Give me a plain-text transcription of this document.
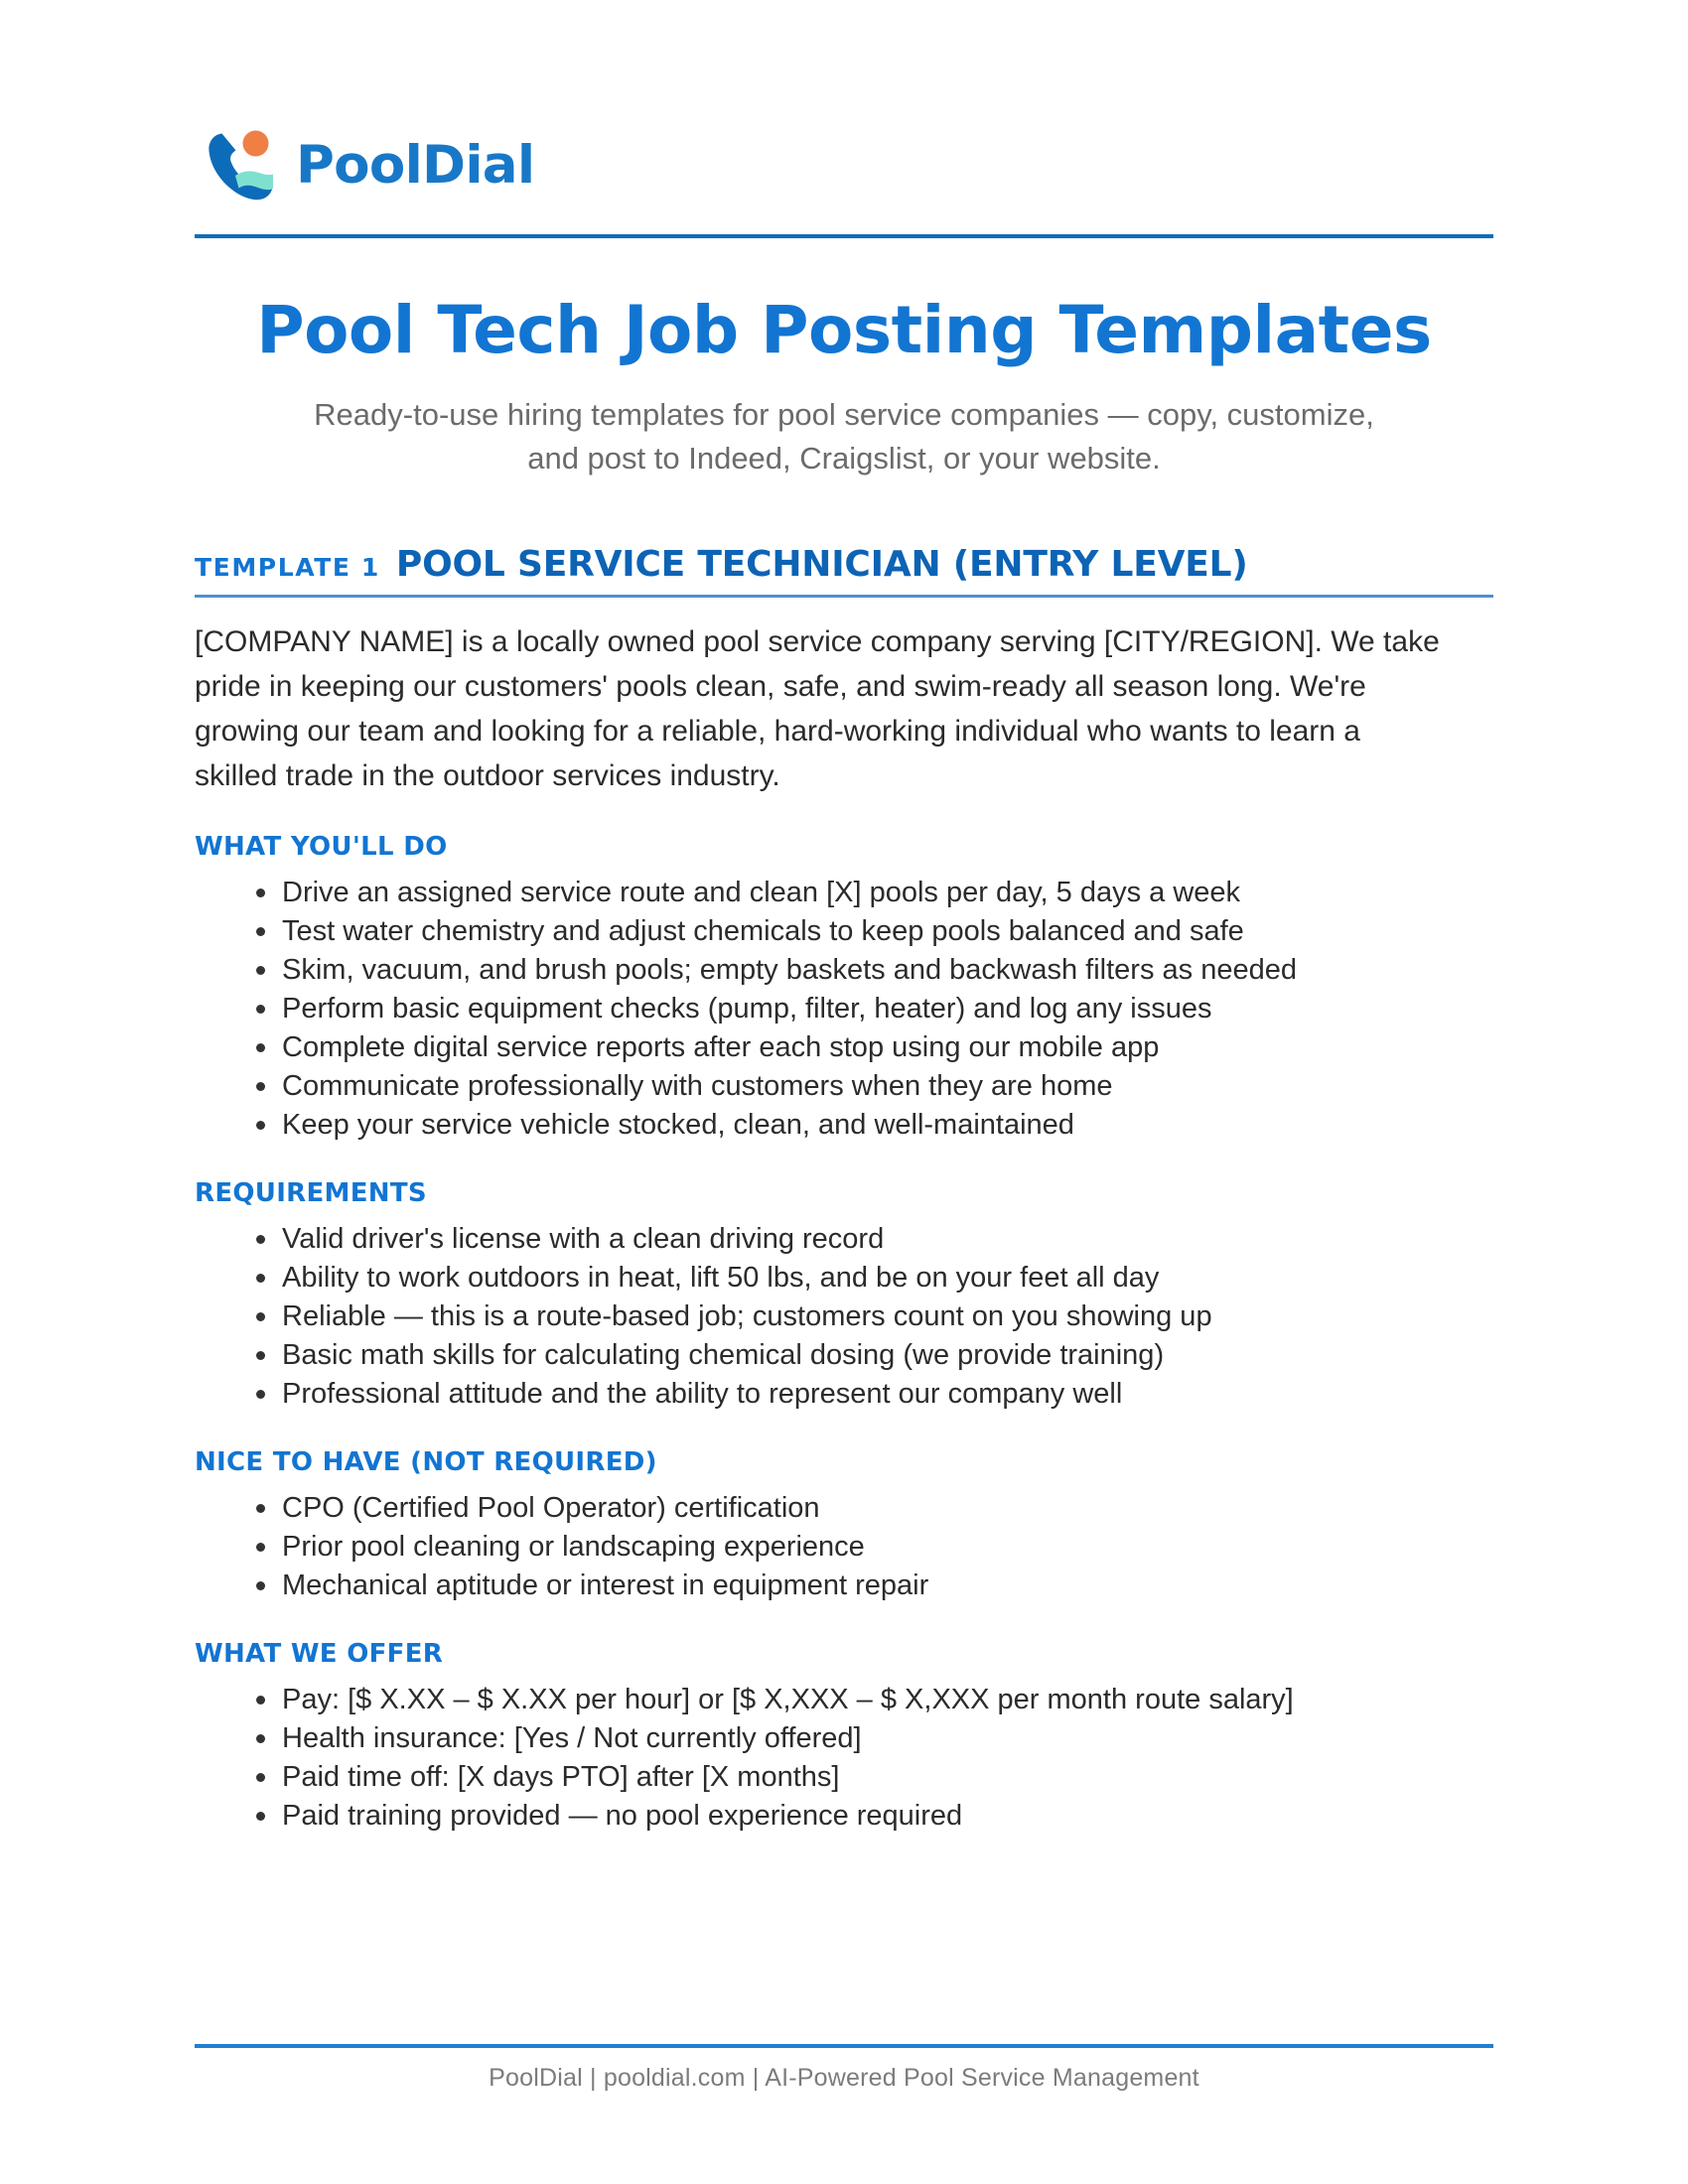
PoolDial
Pool Tech Job Posting Templates

Ready-to-use hiring templates for pool service companies — copy, customize, and post to Indeed, Craigslist, or your website.

TEMPLATE 1 POOL SERVICE TECHNICIAN (ENTRY LEVEL)

[COMPANY NAME] is a locally owned pool service company serving [CITY/REGION]. We take pride in keeping our customers' pools clean, safe, and swim-ready all season long. We're growing our team and looking for a reliable, hard-working individual who wants to learn a skilled trade in the outdoor services industry.

WHAT YOU'LL DO
Drive an assigned service route and clean [X] pools per day, 5 days a week
Test water chemistry and adjust chemicals to keep pools balanced and safe
Skim, vacuum, and brush pools; empty baskets and backwash filters as needed
Perform basic equipment checks (pump, filter, heater) and log any issues
Complete digital service reports after each stop using our mobile app
Communicate professionally with customers when they are home
Keep your service vehicle stocked, clean, and well-maintained
REQUIREMENTS
Valid driver's license with a clean driving record
Ability to work outdoors in heat, lift 50 lbs, and be on your feet all day
Reliable — this is a route-based job; customers count on you showing up
Basic math skills for calculating chemical dosing (we provide training)
Professional attitude and the ability to represent our company well
NICE TO HAVE (NOT REQUIRED)
CPO (Certified Pool Operator) certification
Prior pool cleaning or landscaping experience
Mechanical aptitude or interest in equipment repair
WHAT WE OFFER
Pay: [$ X.XX – $ X.XX per hour] or [$ X,XXX – $ X,XXX per month route salary]
Health insurance: [Yes / Not currently offered]
Paid time off: [X days PTO] after [X months]
Paid training provided — no pool experience required
PoolDial | pooldial.com | AI-Powered Pool Service Management
